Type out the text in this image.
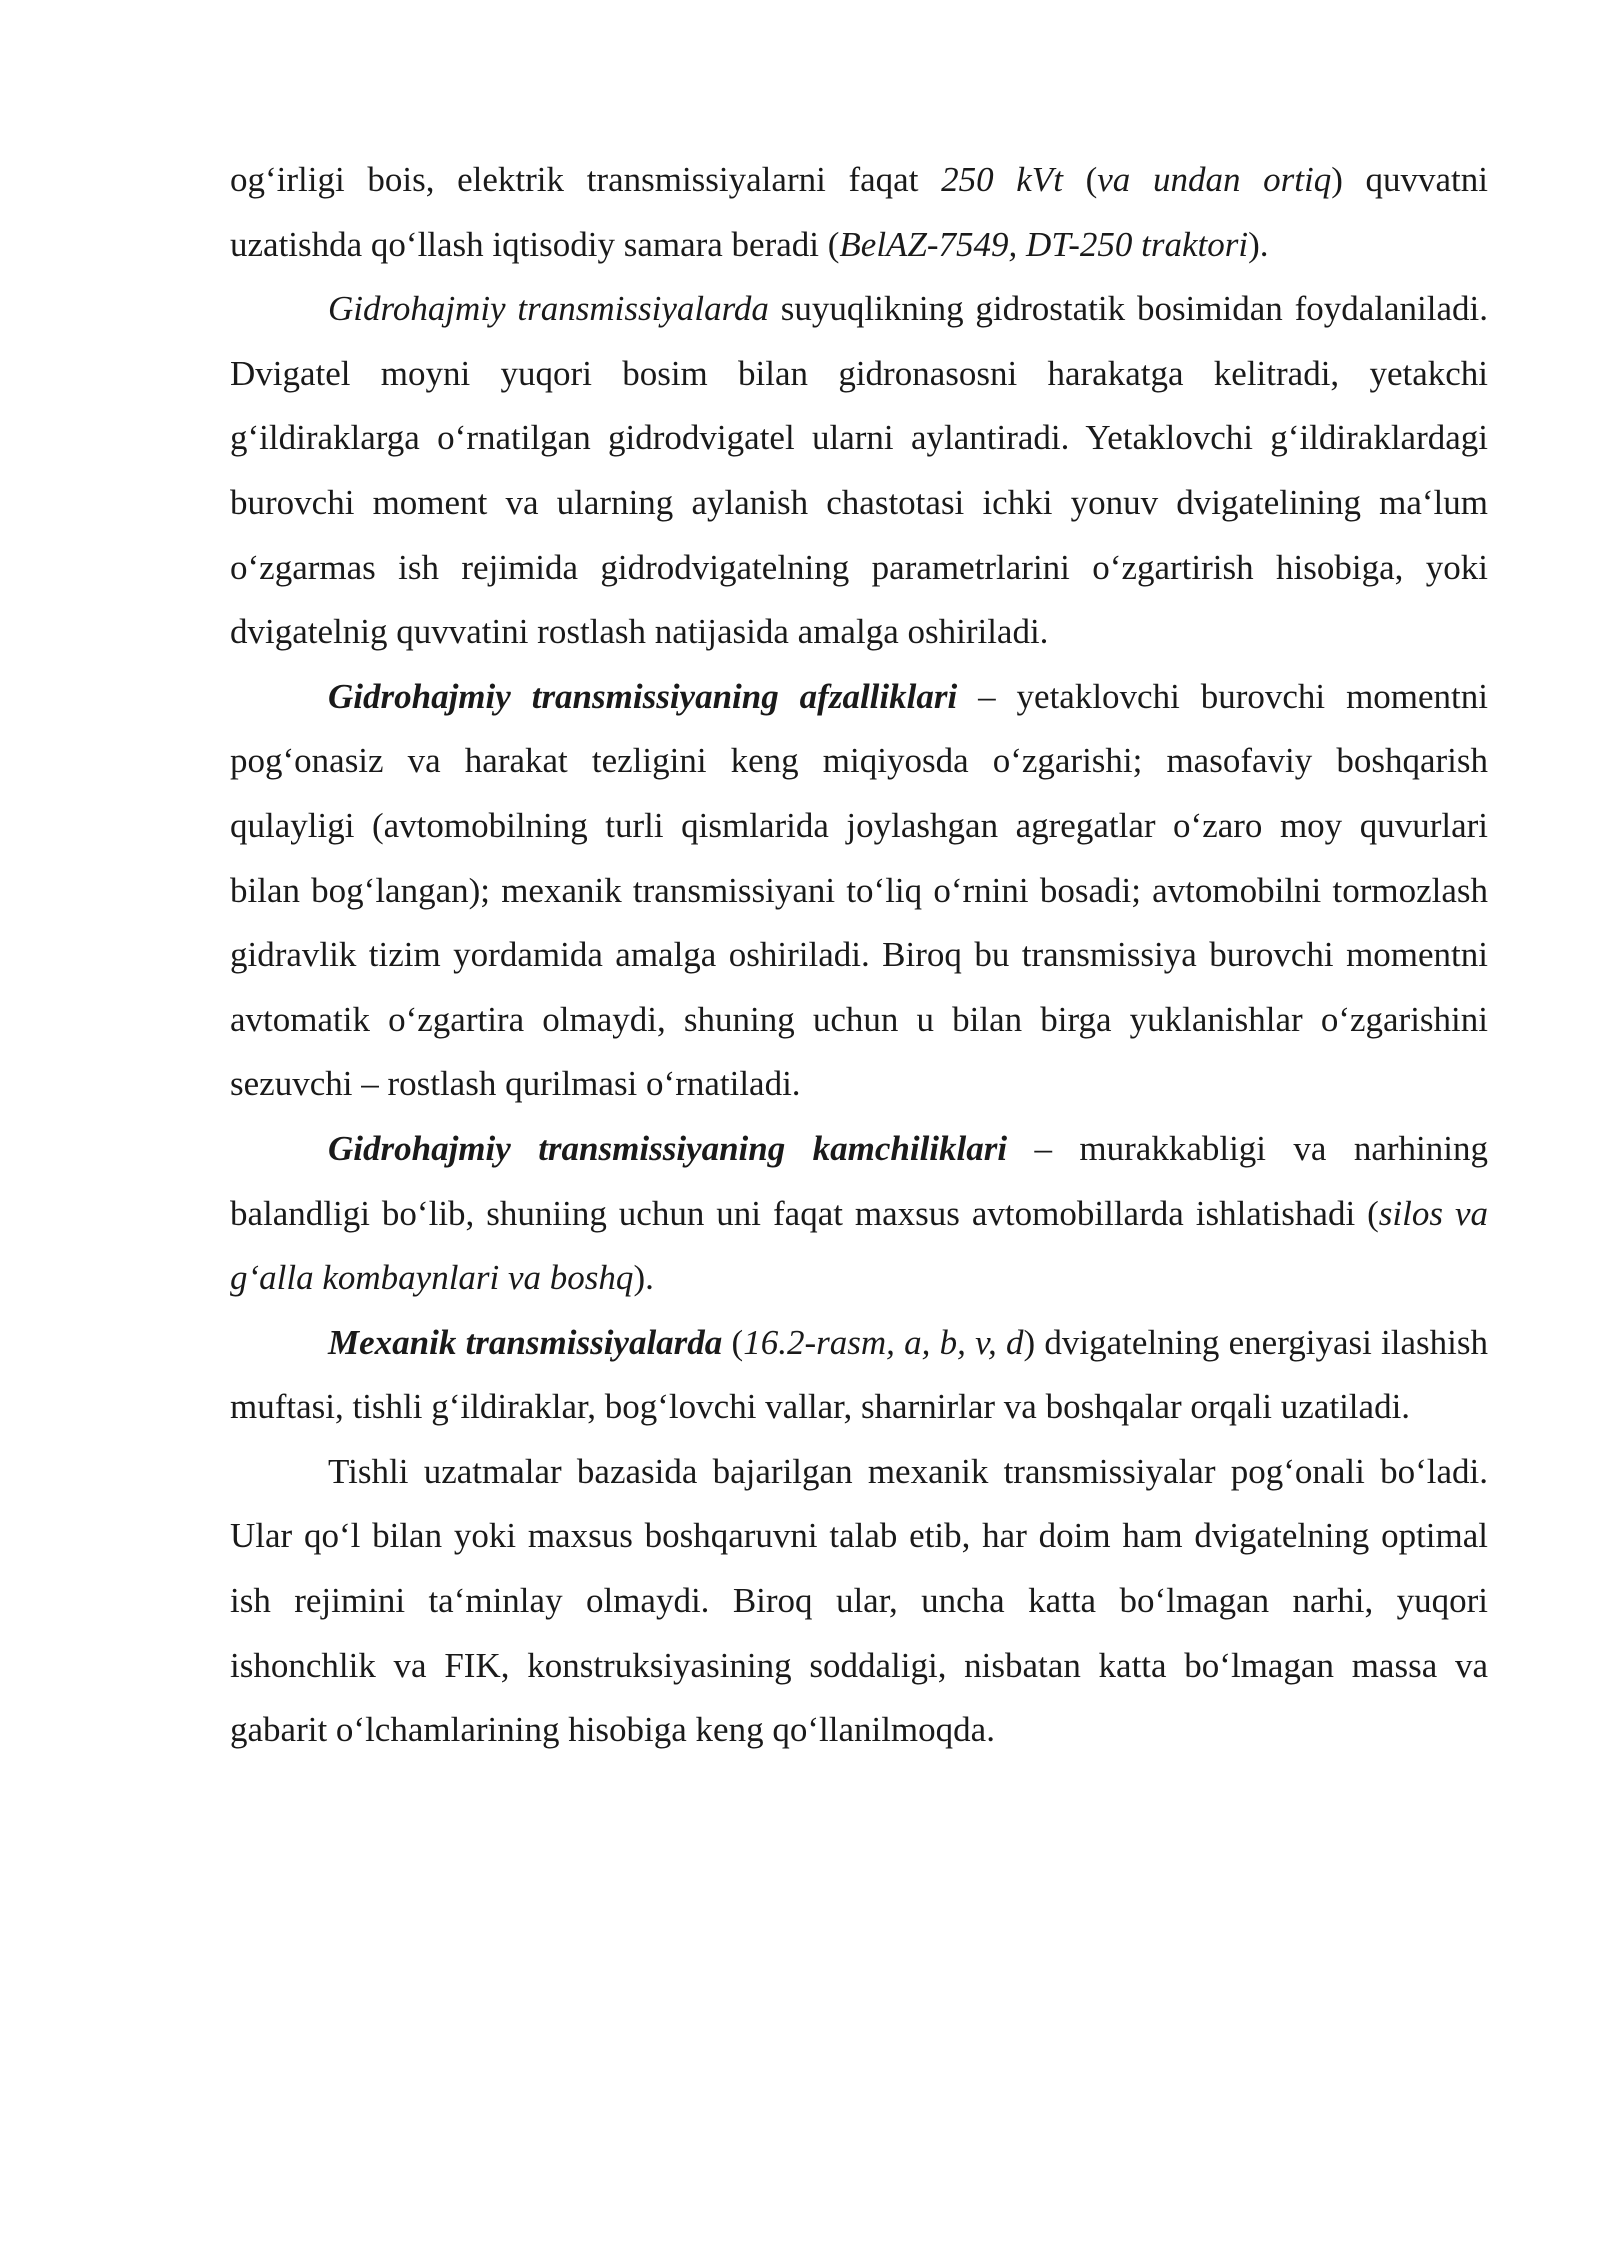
og‘irligi bois, elektrik transmissiyalarni faqat 250 kVt (va undan ortiq) quvvatni uzatishda qo‘llash iqtisodiy samara beradi (BelAZ-7549, DT-250 traktori).

Gidrohajmiy transmissiyalarda suyuqlikning gidrostatik bosimidan foydalaniladi. Dvigatel moyni yuqori bosim bilan gidronasosni harakatga kelitradi, yetakchi g‘ildiraklarga o‘rnatilgan gidrodvigatel ularni aylantiradi. Yetaklovchi g‘ildiraklardagi burovchi moment va ularning aylanish chastotasi ichki yonuv dvigatelining ma‘lum o‘zgarmas ish rejimida gidrodvigatelning parametrlarini o‘zgartirish hisobiga, yoki dvigatelnig quvvatini rostlash natijasida amalga oshiriladi.

Gidrohajmiy transmissiyaning afzalliklari – yetaklovchi burovchi momentni pog‘onasiz va harakat tezligini keng miqiyosda o‘zgarishi; masofaviy boshqarish qulayligi (avtomobilning turli qismlarida joylashgan agregatlar o‘zaro moy quvurlari bilan bog‘langan); mexanik transmissiyani to‘liq o‘rnini bosadi; avtomobilni tormozlash gidravlik tizim yordamida amalga oshiriladi. Biroq bu transmissiya burovchi momentni avtomatik o‘zgartira olmaydi, shuning uchun u bilan birga yuklanishlar o‘zgarishini sezuvchi – rostlash qurilmasi o‘rnatiladi.

Gidrohajmiy transmissiyaning kamchiliklari – murakkabligi va narhining balandligi bo‘lib, shuniing uchun uni faqat maxsus avtomobillarda ishlatishadi (silos va g‘alla kombaynlari va boshq).

Mexanik transmissiyalarda (16.2-rasm, a, b, v, d) dvigatelning energiyasi ilashish muftasi, tishli g‘ildiraklar, bog‘lovchi vallar, sharnirlar va boshqalar orqali uzatiladi.

Tishli uzatmalar bazasida bajarilgan mexanik transmissiyalar pog‘onali bo‘ladi. Ular qo‘l bilan yoki maxsus boshqaruvni talab etib, har doim ham dvigatelning optimal ish rejimini ta‘minlay olmaydi. Biroq ular, uncha katta bo‘lmagan narhi, yuqori ishonchlik va FIK, konstruksiyasining soddaligi, nisbatan katta bo‘lmagan massa va gabarit o‘lchamlarining hisobiga keng qo‘llanilmoqda.
